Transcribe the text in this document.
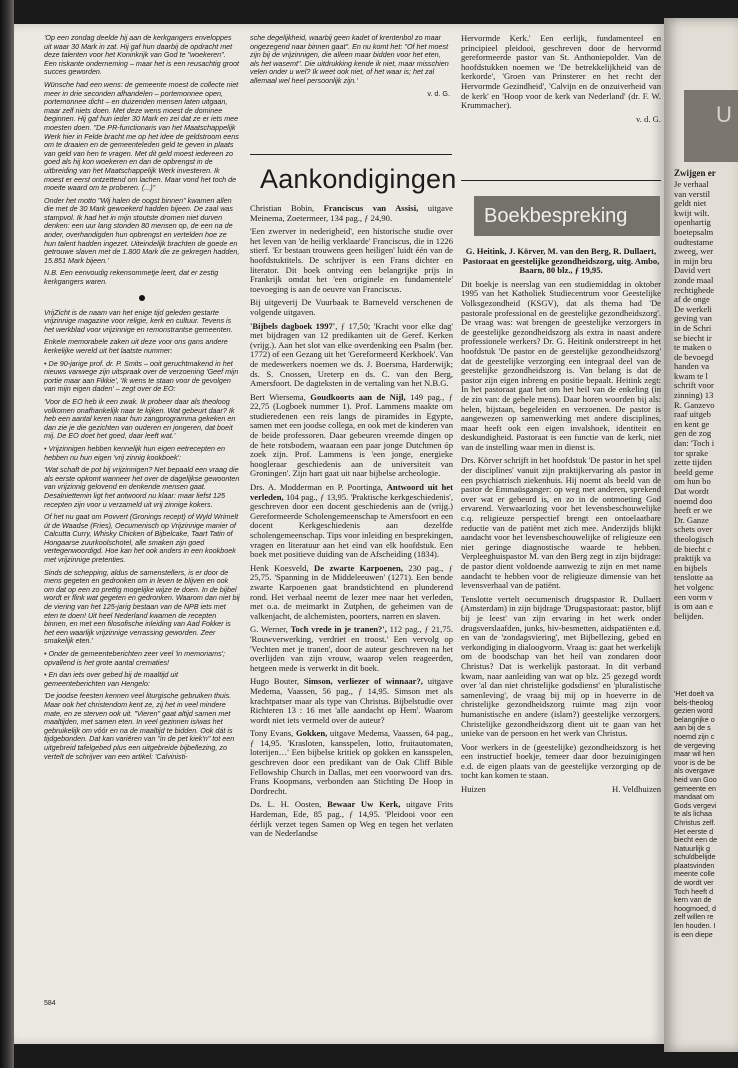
'Op een zondag deelde hij aan de kerkgangers enveloppes uit waar 30 Mark in zat. Hij gaf hun daarbij de opdracht met deze talenten voor het Koninkrijk van God te "woekeren". Een riskante onderneming – maar het is een reusachtig groot succes geworden.

Wünsche had een wens: de gemeente moest de collecte niet meer in drie seconden afhandelen – portemonnee open, portemonnee dicht – en duizenden mensen laten uitgaan, maar zelf niets doen. Met deze wens moest de dominee beginnen. Hij gaf hun ieder 30 Mark en zei dat ze er iets mee moesten doen. "De PR-functionaris van het Maatschappelijk Werk hier in Felde bracht me op het idee de geldstroom eens om te draaien en de gemeenteleden geld te geven in plaats van geld van hen te vragen. Met dit geld moest iedereen zo goed als hij kon woekeren en dan de opbrengst in de uitbreiding van het Maatschappelijk Werk investeren. Ik moest er eerst ontzettend om lachen. Maar vond het toch de moeite waard om te proberen. (...)"

Onder het motto "Wij halen de oogst binnen" kwamen allen die met de 30 Mark gewoekerd hadden bijeen. De zaal was stampvol. Ik had het in mijn stoutste dromen niet durven denken: een uur lang stonden 80 mensen op, de een na de ander, overhandigden hun opbrengst en vertelden hoe ze hun talent hadden ingezet. Uiteindelijk brachten de goede en getrouwe slaven met de 1.800 Mark die ze gekregen hadden, 15.851 Mark bijeen.'

N.B. Een eenvoudig rekensommetje leert, dat er zestig kerkgangers waren.

VrijZicht is de naam van het enige tijd geleden gestarte vrijzinnige magazine voor religie, kerk en cultuur. Tevens is het werkblad voor vrijzinnige en remonstrantse gemeenten.

Enkele memorabele zaken uit deze voor ons gans andere kerkelijke wereld uit het laatste nummer:

• De 90-jarige prof. dr. P. Smits – ooit geruchtmakend in het nieuws vanwege zijn uitspraak over de verzoening 'Geef mijn portie maar aan Fikkie', 'Ik wens te staan voor de gevolgen van mijn eigen daden' – zegt over de EO:

'Voor de EO heb ik een zwak. Ik probeer daar als theoloog volkomen onafhankelijk naar te kijken. Wat gebeurt daar? Ik heb een aantal keren naar hun zangprogramma gekeken en dan zie je die gezichten van ouderen en jongeren, dat boeit mij. De EO doet het goed, daar leeft wat.'

• Vrijzinnigen hebben kennelijk hun eigen eetrecepten en hebben nu hun eigen 'vrij zinnig kookboek':

'Wat schaft de pot bij vrijzinnigen? Net bepaald een vraag die als eerste opkomt wanneer het over de dagelijkse gewoonten van vrijzinnig gelovend en denkende mensen gaat. Desalniettemin ligt het antwoord nu klaar: maar liefst 125 recepten zijn voor u verzameld uit vrij zinnige kokers.

Of het nu gaat om Povvert (Gronings recept) of Wyld Wrimelt út de Waadse (Fries), Oecumenisch op Vrijzinnige manier of Calcutta Curry, Whisky Chicken of Bijbelcake, Taart Tatin of Hongaarse zuurkoolschotel, alle smaken zijn goed vertegenwoordigd. Hoe kan het ook anders in een kookboek met vrijzinnige pretenties.

Sinds de schepping, aldus de samenstellers, is er door de mens gegeten en gedronken om in leven te blijven en ook om dat op een zo prettig mogelijke wijze te doen. In de bijbel wordt er flink wat gegeten en gedronken. Waarom dan niet bij de viering van het 125-jarig bestaan van de NPB iets met eten te doen! Uit heel Nederland kwamen de recepten binnen, en met een filosofische inleiding van Aad Fokker is het een waarlijk vrijzinnige verrassing geworden. Zeer smakelijk eten.'

• Onder de gemeenteberichten zeer veel 'in memoriams'; opvallend is het grote aantal crematies!

• En dan iets over gebed bij de maaltijd uit gemeenteberichten van Hengelo:

'De joodse feesten kennen veel liturgische gebruiken thuis. Maar ook het christendom kent ze, zij het in veel mindere mate, en ze sterven ook uit. "Vieren" gaat altijd samen met maaltijden, met samen eten. In veel gezinnen is/was het gebruikelijk om vóór en na de maaltijd te bidden. Ook dát is tijdgebonden. Dat kan variëren van "in de pet kiek'n" tot een uitgebreid tafelgebed plus een uitgebreide bijbellezing, zo vertelt de schrijver van een artikel: 'Calvinisti-

sche degelijkheid, waarbij geen kadet of krentenbol zo maar ongezegend naar binnen gaat". En nu komt het: "Of het moest zijn bij de vrijzinnigen, die alleen maar bidden voor het eten, als het wasemt". Die uitdrukking kende ik niet, maar misschien velen onder u wel? Ik weet ook niet, of het waar is; het zal allemaal wel heel persoonlijk zijn.'

v. d. G.

Hervormde Kerk.' Een eerlijk, fundamenteel en principieel pleidooi, geschreven door de hervormd gereformeerde pastor van St. Anthoniepolder. Van de hoofdstukken noemen we 'De betrekkelijkheid van de kerkorde', 'Groen van Prinsterer en het recht der Hervormde Gezindheid', 'Calvijn en de onzuiverheid van de kerk' en 'Hoop voor de kerk van Nederland' (dr. F. W. Krummacher).

v. d. G.

Aankondigingen

Christian Bobin, Franciscus van Assisi, uitgave Meinema, Zoetermeer, 134 pag., ƒ 24,90.

'Een zwerver in nederigheid', een historische studie over het leven van 'de heilig verklaarde' Franciscus, die in 1226 stierf. 'Er bestaan trouwens geen heiligen' luidt één van de hoofdstuktitels. De schrijver is een Frans dichter en literator. Dit boek ontving een belangrijke prijs in Frankrijk omdat het 'een originele en fundamentele' toevoeging is aan de oeuvre van Franciscus.

Bij uitgeverij De Vuurbaak te Barneveld verschenen de volgende uitgaven.

'Bijbels dagboek 1997', ƒ 17,50; 'Kracht voor elke dag' met bijdragen van 12 predikanten uit de Geref. Kerken (vrijg.). Aan het slot van elke overdenking een Psalm (ber. 1772) of een Gezang uit het 'Gereformeerd Kerkboek'. Van de medewerkers noemen we ds. J. Boersma, Harderwijk; ds. S. Cnossen, Ureterp en ds. C. van den Berg, Amersfoort. De dagteksten in de vertaling van het N.B.G.

Bert Wiersema, Goudkoorts aan de Nijl, 149 pag., ƒ 22,75 (Logboek nummer 1). Prof. Lammens maakte om studieredenen een reis langs de piramides in Egypte, samen met een joodse collega, en ook met de kinderen van de beide professoren. Daar gebeuren vreemde dingen op de hete rotsbodem, waaraan een paar jonge Dutchmen óp zoek zijn. Prof. Lammens is 'een jonge, energieke hoogleraar geschiedenis aan de universiteit van Groningen'. Zijn hart gaat uit naar bijbelse archeologie.

Drs. A. Modderman en P. Poortinga, Antwoord uit het verleden, 104 pag., ƒ 13,95. 'Praktische kerkgeschiedenis', geschreven door een docent geschiedenis aan de (vrijg.) Gereformeerde Scholengemeenschap te Amersfoort en een docent Kerkgeschiedenis aan dezelfde scholengemeenschap. Tips voor inleiding en besprekingen, vragen en literatuur aan het eind van elk hoofdstuk. Een boek met positieve duiding van de Afscheiding (1834).

Henk Koesveld, De zwarte Karpoenen, 230 pag., ƒ 25,75. 'Spanning in de Middeleeuwen' (1271). Een bende zwarte Karpoenen gaat brandstichtend en plunderend rond. Het verhaal neemt de lezer mee naar het verleden, met o.a. de meimarkt in Zutphen, de geheimen van de valkenjacht, de alchemisten, poorters, narren en slaven.

G. Werner, Toch vrede in je tranen?', 112 pag., ƒ 21,75. 'Rouwverwerking, verdriet en troost.' Een vervolg op 'Vechten met je tranen', door de auteur geschreven na het overlijden van zijn vrouw, waarop velen reageerden, hetgeen mede is verwerkt in dit boek.

Hugo Bouter, Simson, verliezer of winnaar?, uitgave Medema, Vaassen, 56 pag., ƒ 14,95. Simson met als krachtpatser maar als type van Christus. Bijbelstudie over Richteren 13 : 16 met 'alle aandacht op Hem'. Waarom wordt niet iets vermeld over de auteur?

Tony Evans, Gokken, uitgave Medema, Vaassen, 64 pag., ƒ 14,95. 'Krasloten, kansspelen, lotto, fruitautomaten, loterijen…' Een bijbelse kritiek op gokken en kansspelen, geschreven door een predikant van de Oak Cliff Bible Fellowship Church in Dallas, met een voorwoord van drs. Frans Koopmans, verbonden aan Stichting De Hoop in Dordrecht.

Ds. L. H. Oosten, Bewaar Uw Kerk, uitgave Frits Hardeman, Ede, 85 pag., ƒ 14,95. 'Pleidooi voor een éérlijk verzet tegen Samen op Weg en tegen het verlaten van de Nederlandse

Boekbespreking

G. Heitink, J. Körver, M. van den Berg, R. Dullaert, Pastoraat en geestelijke gezondheidszorg, uitg. Ambo, Baarn, 80 blz., ƒ 19,95.

Dit boekje is neerslag van een studiemiddag in oktober 1995 van het Katholiek Studiecentrum voor Geestelijke Volksgezondheid (KSGV), dat als thema had 'De pastorale professional en de geestelijke gezondheidszorg'. De vraag was: wat brengen de geestelijke verzorgers in de geestelijke gezondheidszorg als extra in naast andere professionele werkers? Dr. G. Heitink onderstreept in het hoofdstuk 'De pastor en de geestelijke gezondheidszorg' dat de geestelijke verzorging een integraal deel van de geestelijke gezondheidszorg is. Van belang is dat de pastor zijn eigen inbreng en positie bepaalt. Heitink zegt: In het pastoraat gaat het om het heil van de enkeling (in de zin van: de gehele mens). Daar horen woorden bij als: helen, bijstaan, begeleiden en verzoenen. De pastor is aangewezen op samenwerking met andere disciplines, maar heeft ook een eigen invalshoek, identiteit en deskundigheid. Pastoraat is een functie van de kerk, niet van de instelling waar men in dienst is.

Drs. Körver schrijft in het hoofdstuk 'De pastor in het spel der disciplines' vanuit zijn praktijkervaring als pastor in een psychiatrisch ziekenhuis. Hij noemt als beeld van de pastor de Emmaüsganger: op weg met anderen, sprekend over wat er gebeurd is, en zo in de ontmoeting God ervarend. Verwaarlozing voor het levensbeschouwelijke c.q. religieuze perspectief brengt een ontoelaatbare reductie van de patiënt met zich mee. Anderzijds blijkt aandacht voor het levensbeschouwelijke of religieuze een niet geringe diagnostische waarde te hebben. Verpleeghuispastor M. van den Berg zegt in zijn bijdrage: de pastor dient voldoende aanwezig te zijn en met name aandacht te hebben voor de religieuze dimensie van het levensverhaal van de patiënt.

Tenslotte vertelt oecumenisch drugspastor R. Dullaert (Amsterdam) in zijn bijdrage 'Drugspastoraat: pastor, blijf bij je leest' van zijn ervaring in het werk onder drugsverslaafden, junks, hiv-besmetten, aidspatiënten e.d. en van de 'zondagsviering', met Bijbellezing, gebed en verkondiging in dialoogvorm. Vraag is: gaat het werkelijk om de boodschap van het heil van zondaren door Christus? Dat is werkelijk pastoraat. In dit verband kwam, naar aanleiding van wat op blz. 25 gezegd wordt over 'al dan niet christelijke godsdienst' en 'pluralistische samenleving', de vraag bij mij op in hoeverre in de christelijke gezondheidszorg ruimte mag zijn voor humanistische en andere (islam?) geestelijke verzorgers. Christelijke gezondheidszorg dient uit te gaan van het unieke van de persoon en het werk van Christus.

Voor werkers in de (geestelijke) gezondheidszorg is het een instructief boekje, temeer daar door bezuinigingen e.d. de eigen plaats van de geestelijke verzorging op de tocht kan komen te staan.

Huizen	H. Veldhuizen
584
U
Zwijgen er
Je verhaal
van verstil
geldt niet
kwijt wilt.
openhartig
boetepsalm
oudtestame
zweeg, wer
in mijn bru
David vert
zonde maal
rechtighede
af de onge
De werkeli
geving van
in de Schri
se biecht ir
te maken o
de bevoegd
handen va
kwam te l
schrift voor
zinning) 13
R. Ganzevo
raaf uitgeb
en kent ge
gen de zog
dan: 'Toch i
tor sprake
zette tijden
beeld geme
om hun bo
Dat wordt
noemd doo
heeft er we
Dr. Ganze
schets over
theologisch
de biecht c
praktijk va
en bijbels
tenslotte aa
het volgenc
een vorm v
is om aan e
belijden.
'Het doelt va
bels-theolog
gezien word
belangrijke o
aan bij de s
noemd zijn c
de vergeving
maar wil hen
voor is de be
als overgave
heid van Goo
gemeente en
mandaat om
Gods vergevi
te als lichaa
Christus zelf.
Het eerste d
biecht een de
Natuurlijk g
schuldbelijde
plaatsvinden
meente colle
de wordt ver
Toch heeft d
kern van de
hoogmoed, d
zelf willen re
len houden. I
is een diepe
